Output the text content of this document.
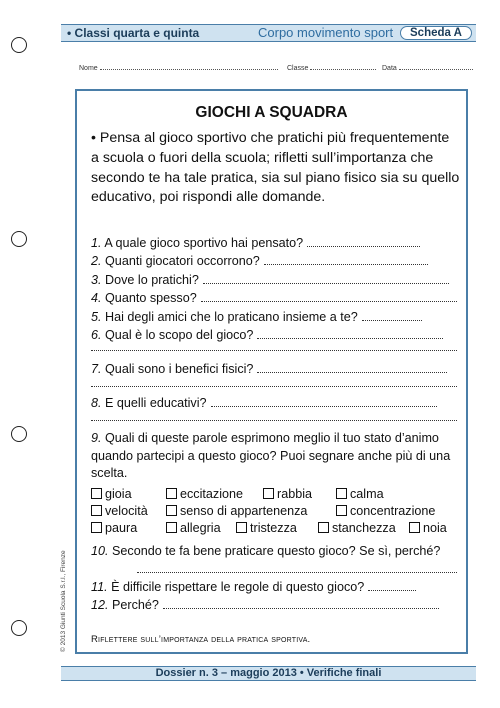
• Classi quarta e quinta	Corpo movimento sport	Scheda A
Nome	Classe	Data
GIOCHI A SQUADRA
• Pensa al gioco sportivo che pratichi più frequentemente a scuola o fuori della scuola; rifletti sull’importanza che secondo te ha tale pratica, sia sul piano fisico sia su quello educativo, poi rispondi alle domande.
1. A quale gioco sportivo hai pensato?
2. Quanti giocatori occorrono?
3. Dove lo pratichi?
4. Quanto spesso?
5. Hai degli amici che lo praticano insieme a te?
6. Qual è lo scopo del gioco?
7. Quali sono i benefici fisici?
8. E quelli educativi?
9. Quali di queste parole esprimono meglio il tuo stato d’animo quando partecipi a questo gioco? Puoi segnare anche più di una scelta.
gioia	eccitazione	rabbia	calma
velocità	senso di appartenenza	concentrazione
paura	allegria	tristezza	stanchezza	noia
10. Secondo te fa bene praticare questo gioco? Se sì, perché?
11. È difficile rispettare le regole di questo gioco?
12. Perché?
Riflettere sull’importanza della pratica sportiva.
© 2013 Giunti Scuola S.r.l., Firenze
Dossier n. 3 – maggio 2013 • Verifiche finali
